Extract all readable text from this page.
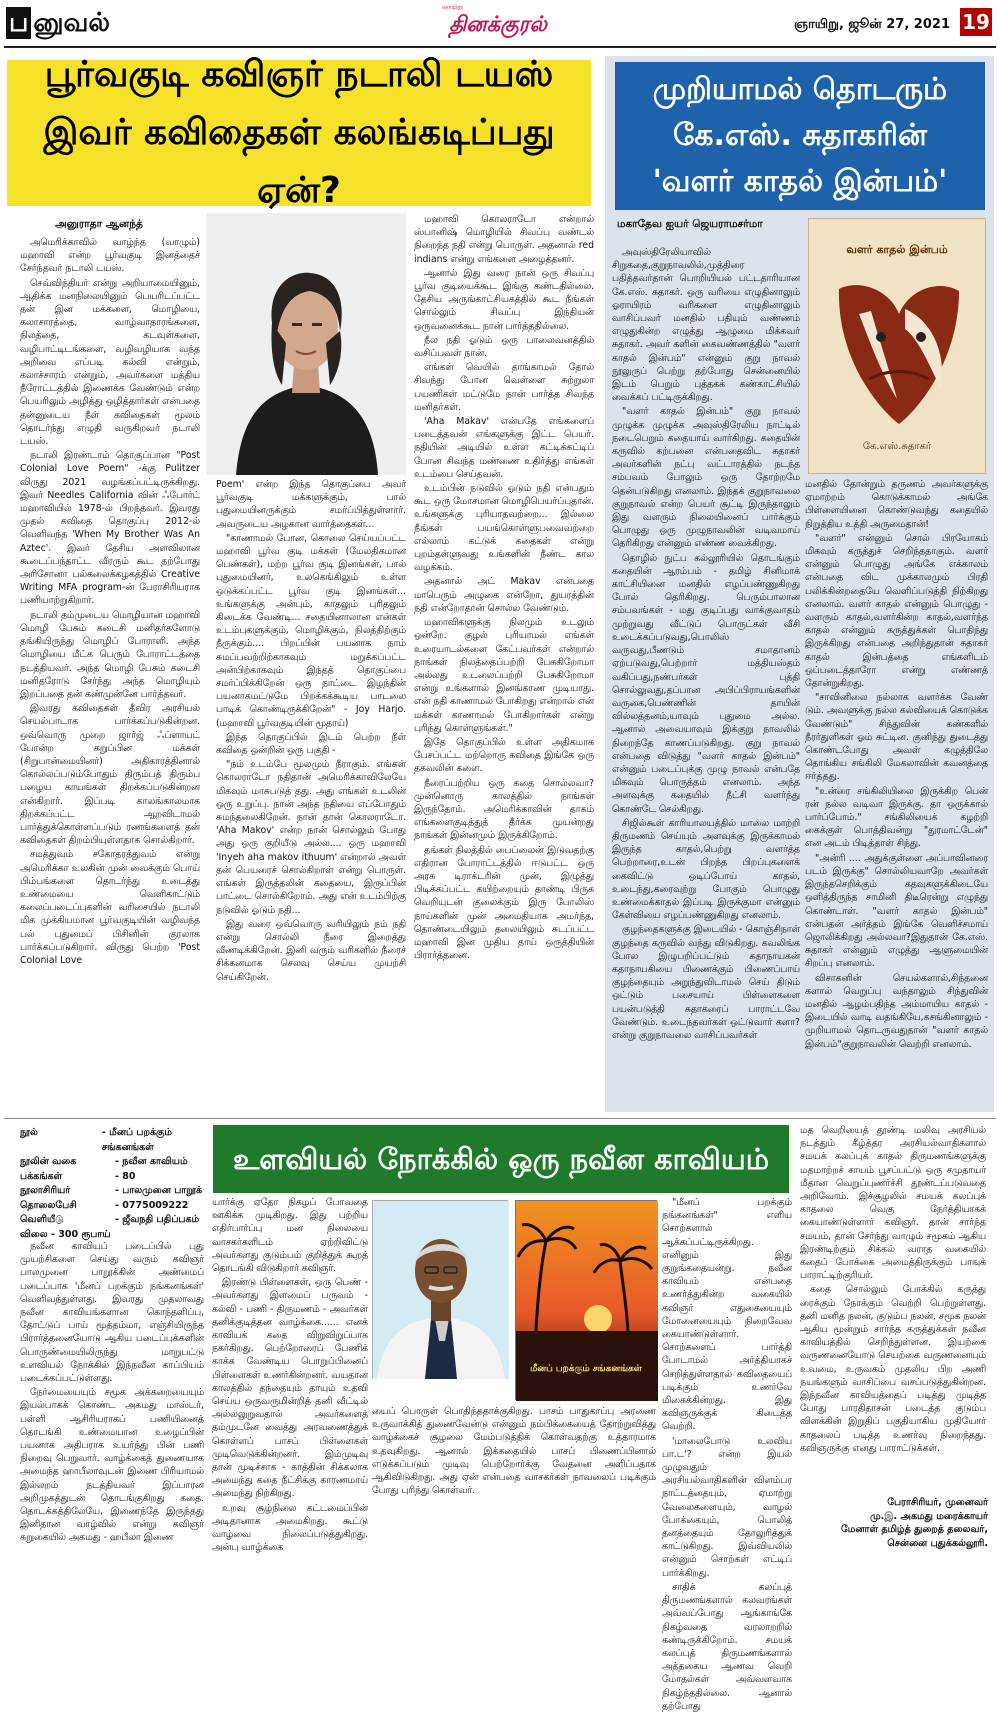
ப னுவல்
ஞாயிறு
தினக்குரல்	ஞாயிறு, ஜூன் 27, 2021 19
பூர்வகுடி கவிஞர் நடாலி டயஸ்
இவர் கவிதைகள் கலங்கடிப்பது ஏன்?
அனுராதா ஆனந்த்

அமெரிக்காவில் வாழ்ந்த (வாழும்) மஹாவி என்ற பூர்வகுடி இனத்தைச் சேர்ந்தவர் நடாலி டயஸ்.

செவ்விந்தியர் என்று அறியாமையினும், ஆதிக்க மனநிலையினும் பெயரிடப்பட்ட தன் இன மக்களை, மொழியை, கலாசாரத்தை, வாழ்வாதாரங்களை, நிலத்தை, கடவுள்களை, வழிபாட்டிடங்களை, வழிவழியாக வந்த அறிவை எப்படி கல்வி என்றும், கலாச்சாரம் என்றும், அவர்களை மத்திய நீரோட்டத்தில் இணைக்க வேண்டும் என்ற பெயரிலும் அழித்து ஒழித்தார்கள் என்பதை தன்னுடைய நீள் கவிதைகள் மூலம் தொடர்ந்து எழுதி வருகிறவர் நடாலி டயஸ்.

நடாலி இரண்டாம் தொகுப்பான "Post Colonial Love Poem" -க்கு Pulitzer விருது 2021 வழங்கப்பட்டிருக்கிறது. இவர் Needles California வின் ஃபோர்ட் மஹாவியில் 1978-ல் பிறந்தவர். இவரது முதல் கவிதை தொகுப்பு 2012-ல் வெளிவந்த 'When My Brother Was An Aztec'. இவர் தேசிய அளவிலான கூடைப்பந்தாட்ட வீரரும் கூட தற்போது அரிசோனா பல்கலைக்கழகத்தில் Creative Writing MFA program-ன் பேராசிரியராக பணியாற்றுகிறார்.

நடாலி தம்முடைய மொழியான மஹாவி மொழி பேசும் கடைசி மனிதர்களோடு தங்கியிருந்து மொழிப் போராளி. அந்த மொழியை மீட்க பெரும் போராட்டத்தை நடத்தியவர். அந்த மொழி பேசும் கடைசி மனிதரோடு சேர்ந்து அந்த மொழியும் இறப்பதை தன் கண்முன்னே பார்த்தவர்.

இவரது கவிதைகள் தீவிர அரசியல் செயல்பாடாக பார்க்கப்படுகின்றன. ஒவ்வொரு முறை ஜார்ஜ் ஃப்ளாயட் போன்ற கறுப்பின மக்கள் (சிறுபான்மையினர்) அதிகாரத்தினால் கொல்லப்படும்போதும் திரும்பத் திரும்ப பழைய காயங்கள் திறக்கப்படுகின்றன என்கிறார். இப்படி காலங்காலமாக திறக்கப்பட்ட ஆறவிடாமல் பார்த்துக்கொள்ளப்படும் ரணங்களைத் தன் கவிதைகள் திறம்பியுள்ளதாக சொல்கிறார்.

சமத்துவம் சகோதரத்துவம் என்று அமெரிக்கா உலகின் முன் வைக்கும் பொய் பிம்பங்களை தொடர்ந்து உடைத்து உண்மையை வெளிகாட்டும் கலைப்படைப்புகளின் வரிசையில் நடாலி மிக முக்கியமான பூர்வகுடியின் வழிவந்த பல் புதுமைப் பிசினின் குரலாக பார்க்கப்படுகிறார். விருது பெற்ற 'Post Colonial Love

Poem' என்ற இந்த தொகுப்பை அவர் பூர்வகுடி மக்களுக்கும், பால் புதுமையினருக்கும் சமர்ப்பித்துள்ளார். அவருடைய அழகான வார்த்தைகள்...

"காணாமல் போன, கொலை செய்யப்பட்ட மஹாவி பூர்வ குடி மக்கள் (மேலதிகமான பெண்கள்), மற்ற பூர்வ குடி இனங்கள், பால் புதுமையினர், உலகெங்கிலும் உள்ள ஒடுக்கப்பட்ட பூர்வ குடி இனங்கள்... உங்களுக்கு அன்பும், காதலும் புரிதலும் கிடைக்க வேண்டி... சதையினாலான என்கள் உடம்புகளுக்கும், மொழிக்கும், நிலத்திற்கும் நீருக்கும்.... பிறப்பின் பயனாக நாம் சுமப்பவற்றிற்காகவும் மறுக்கப்பட்ட அன்பிற்காகவும் இந்தத் தொகுப்பை சமர்ப்பிக்கிறேன் ஒரு நாட்டை இழந்தின் பயனாகமட்டுமே பிறக்கக்கூடிய பாடலை பாடிக் கொண்டிருக்கிறேன்" - Joy Harjo. (மஹாவி பூர்வகுடியின் மூதாய்)

இந்த தொகுப்பில் இடம் பெற்ற நீள் கவிதை ஒன்றின் ஒரு பகுதி -

"நம் உடம்பே மூலமும் நீராகும். எங்கள் கொலராடோ நதிதான் அமெரிக்காவிலேயே மிகவும் மாசுபடுத் தது. அது எங்கள் உடலின் ஒரு உறுப்பு. நான் அந்த நதியை எப்போதும் சுமந்தலைகிறேன். நான் தான் கொலராடோ. 'Aha Makov' என்ற நான் சொல்லும் போது அது ஒரு குறியீடு அல்ல.... ஒரு மஹாவி 'Inyeh aha makov ithuum' என்றால் அவள் தன் பெயரைச் சொல்கிறாள் என்று பொருள். எங்கள் இருத்தலின் கதையை, இருப்பின் பாட்டை சொல்கிறோம். அது என் உடம்பிற்கு நடுவில் ஓடும் நதி...

இது வரை ஒவ்வொரு வரியிலும் நம் நதி என்று சொல்லி நீரை இறைத்து வீணடிக்கிறேன். இனி வரும் வரிகளில் நீரைச் சிக்கனமாக செலவு செய்ய முயற்சி செய்கிறேன்.

மஹாவி கொலராடோ என்றால் ஸ்பானிஷ் மொழியில் சிவப்பு வண்டல் நிறைந்த நதி என்று பொருள். அதனால் red indians என்று எங்களை அழைத்தனர்.

ஆனால் இது வரை நான் ஒரு சிவப்பு பூர்வ குடியைக்கூட இங்கு கண்டதில்லை. தேசிய அருங்காட்சியகத்தில் கூட நீங்கள் சொல்லும் சிவப்பு இந்தியன் ஒருவனைக்கூட நான் பார்த்ததில்லை.

நீல நதி ஓடும் ஒரு பாலைவனத்தில் வசிப்பவள் நான்.

எங்கள் வெயில் தாங்காமல் தோல் சிவந்து போன வெள்ளை சுற்றுலா பயணிகள் மட்டுமே நான் பார்த்த சிவந்த மனிதர்கள்.

'Aha Makav' என்பதே எங்களைப் படைத்தவன் எங்களுக்கு இட்ட பெயர். நதியின் அடியில் உள்ள கட்டிக்கட்டிப் போன சிவந்த மண்ணை உதிர்த்து எங்கள் உடம்பை செய்தவன்.

உடம்பின் நடுவில் ஓடும் நதி என்பதும் கூட ஒரு மோசமான மொழிபெயர்ப்புதான். உங்களுக்கு புரியாதவற்றை... இல்லை நீங்கள் பயங்கொள்ளுபவைவற்றை எல்லாம் கட்டுக் கதைகள் என்று புறம்தள்ளுவது உங்களின் நீண்ட கால வழக்கம்.

அதனால் அட் Makav என்பதை மாபெரும் அழுகை என்றோ, துயரத்தின் நதி என்றோதான் சொல்ல வேண்டும்.

மஹாவிகளுக்கு நிலமும் உடலும் ஒன்றே. குழல் புரியாமல் எங்கள் உரையாடல்களை கேட்பவர்கள் என்றால் நாங்கள் நிலத்தைப்பற்றி பேசுகிறோமா அல்லது உடலைப்பற்றி பேசுகிறோமா என்று உங்களால் இனங்காண முடியாது. என் நதி காணாமல் போகிறது என்றால் என் மக்கள் காணாமல் போகிறார்கள் என்று புரிந்து கொள்ளுங்கள்."

இதே தொகுப்பில் உள்ள அதிகமாக பேசப்பட்ட மற்றொரு கவிதை இங்கே ஒரு தகவலின் களை.

நீரைப்பற்றிய ஒரு கதை சொல்லவா? முன்னொரு காலத்தில் நாங்கள் இருந்தோம். அமெரிக்காவின் தாகம் எங்களைகுடித்துத் தீர்க்க முயன்றது நாங்கள் இன்னமும் இருக்கிறோம்.

தங்கள் நிலத்தில் பைப்லைன் இடுவதற்கு எதிரான போராட்டத்தில் ஈடுபட்ட ஒரு அரசு டிராக்டரின் முன், இழுத்து பிடிக்கப்பட்ட கயிற்றையும் தாண்டி பிருக வெறியுடன் குலைக்கும் இரு போலிஸ் நாய்களின் முன் அமைதியாக அமர்ந்த, தொண்டையிலும் தலையிலும் சுடப்பட்ட மஹாவி இன முதிய தாய் ஒருத்தியின் பிரார்த்தனை.

முறியாமல் தொடரும்
கே.எஸ். சுதாகரின்
'வளர் காதல் இன்பம்'
மகாதேவ ஐயர் ஜெயராமசர்மா
வளர் காதல் இன்பம்
கே.எஸ்.சுதாகர்

அவுஸ்திரேலியாவில் சிறுகதை,குறுநாவலில்,முத்திரை பதித்தவர்தான் பொறியியல் பட்டதாரியான கே.எஸ். சுதாகர். ஒரு வரியை எழுதினாலும் ஓராயிரம் வரிகளை எழுதினாலும் வாசிப்பவர் மனதில் பதியும் வண்ணம் எழுதுகின்ற எழுத்து ஆழுமை மிக்கவர் சுதாகர். அவர் களின் கைவண்ணத்தில் "வளர் காதல் இன்பம்" என்னும் குறு நாவல் நூலுருப் பெற்று தற்போது சென்னையில் இடம் பெறும் புத்தகக் கண்காட்சியில் வைக்கப் பட்டிருக்கிறது.

"வளர் காதல் இன்பம்" குறு நாவல் முழுக்க முழுக்க அவுஸ்திரேலிய நாட்டில் நடைபெறும் கதையாய் வார்கிறது. கதையின் கருவில் கற்பனை என்பதைவிட சுதாகர் அவர்களின் நட்பு வட்டாரத்தில் நடந்த சம்பவம் போலும் ஒரு தோற்றமே தென்படுகிறது எனலாம். இந்தக் குறுநாவலை குறுநாவல் என்ற பெயர் சூட்டி இருந்தாலும் இது வளரும் நிலையினைப் பார்க்கும் பொழுது ஒரு முழுநாவலின் வடிவமாய் தெரிகிறது என்னும் எண்ண வைக்கிறது.

தொழில் நுட்ப கல்லூரியில் தொடங்கும் கதையின் ஆரம்பம் - தமிழ் சினிமாக் காட்சியினை மனதில் எழப்பண்ணுகிறது போல் தெரிகிறது. பெரும்பாலான சம்பவங்கள் - மது குடிப்பது வாக்குவாதம் முற்றுவது வீட்டுப் பொருட்கள் வீசி உடைக்கப்படுவது,பொலிஸ் வருவது,பீணடும் சமாதானம் ஏற்படுவது,பெற்றார் மத்தியஸ்தம் வகிப்பது,நண்பர்கள் புத்தி சொல்லுவது,தப்பான அபிப்பிராயங்களின் வருகை,பெண்ணின் தாயின் வில்லத்தனம்,யாவும் புதுமை அல்ல. ஆனால் அவையாவும் இக்குறு நாவலில் நிறைந்தே காணப்படுகிறது. குறு நாவல் என்பதை விடுத்து "வளர் காதல் இன்பம்" என்னும் படைப்புக்கு முழு நாவல் என்பதே மிகவும் பொருத்தம் எனலாம். அந்த அளவுக்கு கதையில் நீட்சி வளர்ந்து கொண்டே செல்கிறது.

சிஜில்கூள் காரியாலயத்தில் மாலை மாற்றி திருமணம் செய்யும் அளவுக்கு இருக்காமல் இருந்த காதல்,பெற்று வளர்த்த பெற்றாரை,உடன் பிறந்த பிறப்புகளைக் கைவிட்டு ஒடிப்போய் காதல், உடைந்து,கரைவுற்று போகும் பொழுது உண்மைக்காதல் இப்படி இருக்குமா என்னும் கேள்வியை எழப்பண்ணுகிறது எனலாம்.

குழந்தைகளுக்கு இடையில் - கொஞ்சிநாள் குழந்தை கருவில் வந்து விடுகிறது. கவலிங்க போல இழுபறிப்பட்டும் கதாநாயகன் கதாநாயகியை பிணைக்கும் பிணைப்பாய் குழந்தையும் அறுந்துவிடாமல் செய் திடும் ஒட்டும் பசையாய் பிள்ளைகளை பயன்படுத்தி சுதாகரைப் பாராட்டவே வேண்டும். உடைந்தவர்கள் ஒட்டுவார் களா?என்று குறுநாவலை வாசிப்பவர்கள்

மனதில் தோன்றும் தருணம் அவர்களுக்கு ஏமாற்றம் கொடுக்காமல் அங்கே பிள்ளையினை கொண்டுவந்து கதையில் நிறுத்திய உத்தி அருமைதான்!

"வளர்" என்னும் சொல் பிரயோகம் மிகவும் கருத்துச் செறிந்ததாகும். வளர் என்னும் பொழுது அங்கே எக்காலம் என்பதை விட முக்காலமும் பிரதி பலிக்கின்றதையே வெளிப்படுத்தி நிற்கிறது எனலாம். வளர் காதல் என்னும் பொழுது - வளரும் காதல்,வளர்கின்ற காதல்,வளர்ந்த காதல் என்னும் கருத்துக்கள் பொதிந்து இருக்கிறது என்பதை அறிந்துதான் சுதாகர் காதல் இன்பத்தை எங்களிடம் ஒப்படைத்தாரோ என்று எண்ணத் தோன்றுகிறது.

"சாவினிலை நல்லாக வளர்க்க வேண் டும். அவளுக்கு நல்ல கல்வியைக் கொடுக்க வேண்டும்" சிந்துவின் கண்களில் நீரர்துளிகள் ஓம் சுட்டின. குனிந்து துடைத்து கொண்டபோது அவள் கழுத்திலே தொங்கிய சங்கிலி மேகலாவின் கவனத்தை ஈர்த்தது.

"உன்ரை சங்கிலியிலை இருக்கிற பென் ரன் நல்ல வடிவா இருக்கு. தா ஒருக்கால் பார்ப்போம்." சங்கிலியைக் கழற்றி கைக்குள் பொத்திவன்று "துரமாட்டேன்" என அடம் பிடித்தாள் சிந்து.

"அன்ரி .... அதுக்குள்ளை அப்பாவினரை படம் இருக்கு" சொல்லியவாறே அவர்கள் இருந்தசெறிக்கும் கதவுகளுக்கிடையே ஒளித்திருந்த சாமினி திடீரென்று எழுந்து கொண்டாள். "வளர் காதல் இன்பம்" என்பதன் அர்த்தம் இங்கே வெளிச்சமாய் ஜொலிக்கிறது அல்லவா?இதுதான் கே.எஸ். சுதாகர் என்னும் எழுத்து ஆளுமையின் சிறப்பு எனலாம்.

விசாகனின் செயல்களால்,சிந்தனை களால் வெறுப்பு வந்தாலும் சிந்துவின் மனதில் ஆழம்பதிந்த அம்மாயிய காதல் - இடையில் வாடி வதங்கியே,கசங்கினாலும் - முறியாமல் தொடருவதுதான் "வளர் காதல் இன்பம்"குறுநாவலின் வெற்றி எனலாம்.

நூல்	- மீனப் பறக்கும் சங்கனங்கள்
நூலின் வகை	- நவீன காவியம்
பக்கங்கள்	- 80
நூலாசிரியர்	- பாலமுனை பாறூக்
தொலைபேசி	- 0775009222
வெளியீடு	- ஜீவநதி பதிப்பகம்
விலை - 300 ரூபாய்
உளவியல் நோக்கில் ஒரு நவீன காவியம்
மீனப் பறக்கும் சங்கனங்கள்

நவீன காவியப் படைப்பில் புது முயற்சிகளை செய்து வரும் கவிஞர் பாலமுனை பாறூக்கின் அண்மைப் படைப்பாக 'மீனப் பறக்கும் நங்கனங்கள்' வெளிவந்துள்ளது. இவரது முதலாவது நவீன காவியங்களான கொந்தளிப்பு, தோட்டுப் பாய் மூத்தம்மா, எஞ்சியிருந்த பிரார்த்தனையோடு ஆகிய படைப்புக்களின் பொருண்மையிலிருந்து மாறுபட்டு உளவியல் நோக்கில் இந்நவீன காப்பியம் படைக்கப்பட்டுள்ளது.

நேர்மையையும் சமூக அக்கறையையும் இயல்பாகக் கொண்ட அகமது மாஸ்டர், பள்ளி ஆசிரியராகப் பணியினைத் தொடங்கி உண்மையான உழைப்பின் பயனாக அதிபராக உயர்ந்து பின் பணி நிறைவு பெறுவார். வாழ்க்கைத் துணையாக அமைந்த ஹாபீலாவுடன் இணை பிரியாமல் இல்லறம் நடத்தியவர் இப்பாரன அறிமுகத்துடன் தொடங்குகிறது கதை. தொடக்கத்திலேயே, இணைந்தே இருந்தது இனிதான வாழ்வில் என்று கவிஞர் சுறுகையில் அகமது - ஹபீலா இணை

யார்க்கு ஏதோ நிகழப் போவதை ஊகிக்க முடிகிறது. இது பற்றிய எதிர்பார்ப்பு மன நிலையை வாசகர்களிடம் ஏற்றிவிட்டு அவர்களது குடும்பம் குறித்துக் கூறத் தொடங்கி விடுகிறார் கவிஞர்.

இரண்டு பிள்ளைகள், ஒரு பெண் - அவர்களது இளமைப் பருவம் - கல்வி - பணி - திருமணம் - அவர்கள் தனிக்குடித்தன வாழ்க்கை...... எனக் காவியக் கதை விறுவிறுப்பாக நகர்கிறது. பெற்றோரைப் பேணிக் காக்க வேண்டிய பொறுப்பினைப் பிள்ளைகள் உணர்கின்றனர். வயதான காலத்தில் தந்தையும் தாயும் உதவி செய்ய ஒருவருமின்றித் தனி வீட்டில் அல்லலுறுவதால் அவர்களைத் தம்முடனே வைத்து அரவணைத்துக் கொள்ளப் பாசப் பிள்ளைகள் முடிவெடுக்கின்றனர். இம்முடிவு தான் முடிச்சாக - காத்தின் சிக்கலாக அமைந்து கதை நீட்சிக்கு காரணமாய் அமைந்து நிற்கிறது.

உறவு சூழ்நிலை கட்டமைப்பின் அடிதானாக அமைகிறது. கூட்டு வாழ்வை நிலைப்படுத்துகிறது. அன்பு வாழ்க்கை

யைப் பொருள் பொதிந்ததாக்குகிறது. பாசம் பாதுகாப்பு அரணை உருவாக்கித் துணைவேன்டு என்னும் நம்பிக்கையைத் தோற்றுவித்து வாழ்க்கைச் சூழலை மேம்படுத்திக் கொள்வதற்கு உத்தாரமாக உதவுகிறது. ஆனால் இக்கதையில் பாசப் பிணைப்பினால் எடுக்கப்படும் முடிவு பெற்றோர்க்கு வேதனை அளிப்பதாக ஆகிவிடுகிறது. அது ஏன் என்பதை வாசகர்கள் நாவலைப் படிக்கும் போது புரிந்து கொள்வர்.

"மீனப் பறக்கும் நங்கனங்கள்" எளிய சொற்களால் ஆக்கப்பட்டிருக்கிறது. எனினும் இது குறுங்கதையன்று. நவீன காவியம் என்பதை உணர்த்துகின்ற வகையில் கவிஞர் எதுகையையும் மோனையையும் நிறைவேவ கையாண்டுள்ளார். சொற்களைப் பார்த்தி போடாமல் அர்த்தியாகச் செறித்துள்ளதால் கவிதையைப் படிக்கும் உணர்வே மிகைக்கின்றது. இது கவிஞருக்குக் கிடைத்த வெற்றி.

'மாலைபோடு உலவிய பா.ட'? என்ற இயல் முழுவதும் அரசியல்வாதிகளின் விளம்பர நாட்டத்தையும், ஏமாற்று வேலைகளையும், வாழல் போக்கையும், பொலித் தனத்தையும் தோலுரித்துக் காட்டுகிறது. இவ்வியலில் என்னும் சொற்கள் எட்டிப் பார்க்கிறது.

சாதிக் கலப்புத் திருமணங்களால் கலவரங்கள் அவ்வப்போது ஆங்காங்கே நிகழ்வதை வரலாறறில் கண்டிருக்கிறோம். சமயக் கலப்புத் திருமணங்களால் அத்தகைய ஆணவ வெறி மோதல்கள் அவ்வளவாக நிகழ்ந்ததில்லை. ஆனால் தற்போது

மத வெறியைத் தூண்டி மலிவு அரசியல் நடத்தும் கீழ்த்தர அரசியல்வாதிகளால் சமயக் கலப்புக் காதல் திருமணங்களுக்கு மதமாற்றச் சாயம் பூசப்பட்டு ஒரு சமுதாயர் மீதான வெறுப்புணர்ச்சி தூண்டப்படுவதை அறிவோம். இச்சூழலில் சமயக் கலப்புக் காதலை வெகு நேர்த்தியாகக் கையாண்டுள்ளார் கவிஞர். தான் சார்ந்த சமயம், தான் சேர்ந்து வாழும் சமூகம் ஆகிய இரண்டிற்கும் சிக்கல் வராத வகையில் கதைப் போக்கை அமைத்திருக்கும் பாஙுக் பாராட்டிற்குரியர்.

கதை சொல்லும் போக்கில் கருத்து ரைக்கும் நோக்கும் வெற்றி பெற்றுள்ளது. தனி மனித நலன், குடும்ப நலன், சமூக நலன் ஆகிய மூன்றும் சார்ந்த கருத்துக்கள் நவீன காவியத்தில் செறிந்துள்ளன. இயற்கை வருணனையோடு செயற்கை வருணனையும் உவமை, உருவகம் முதலிய பிற அணி நயங்களும் வாசிப்பை வசப்படுத்துகின்றன. இந்நவீன காவியத்தைப் படித்து முடித்த போது பாரதிதாசன் படைத்த குடும்ப விளக்கின் இறுதிப் பகுதியாகிய முதியோர் காதலைப் படித்த உணர்வு நிறைந்தது. கவிஞருக்கு எனது பாராட்டுக்கள்.

பேராசிரியர், முனைவர்
மு.இ. அகமது மரைக்காயர்
மேனாள் தமிழ்த் துறைத் தலைவர்,
சென்னை புதுக்கல்லூரி.
